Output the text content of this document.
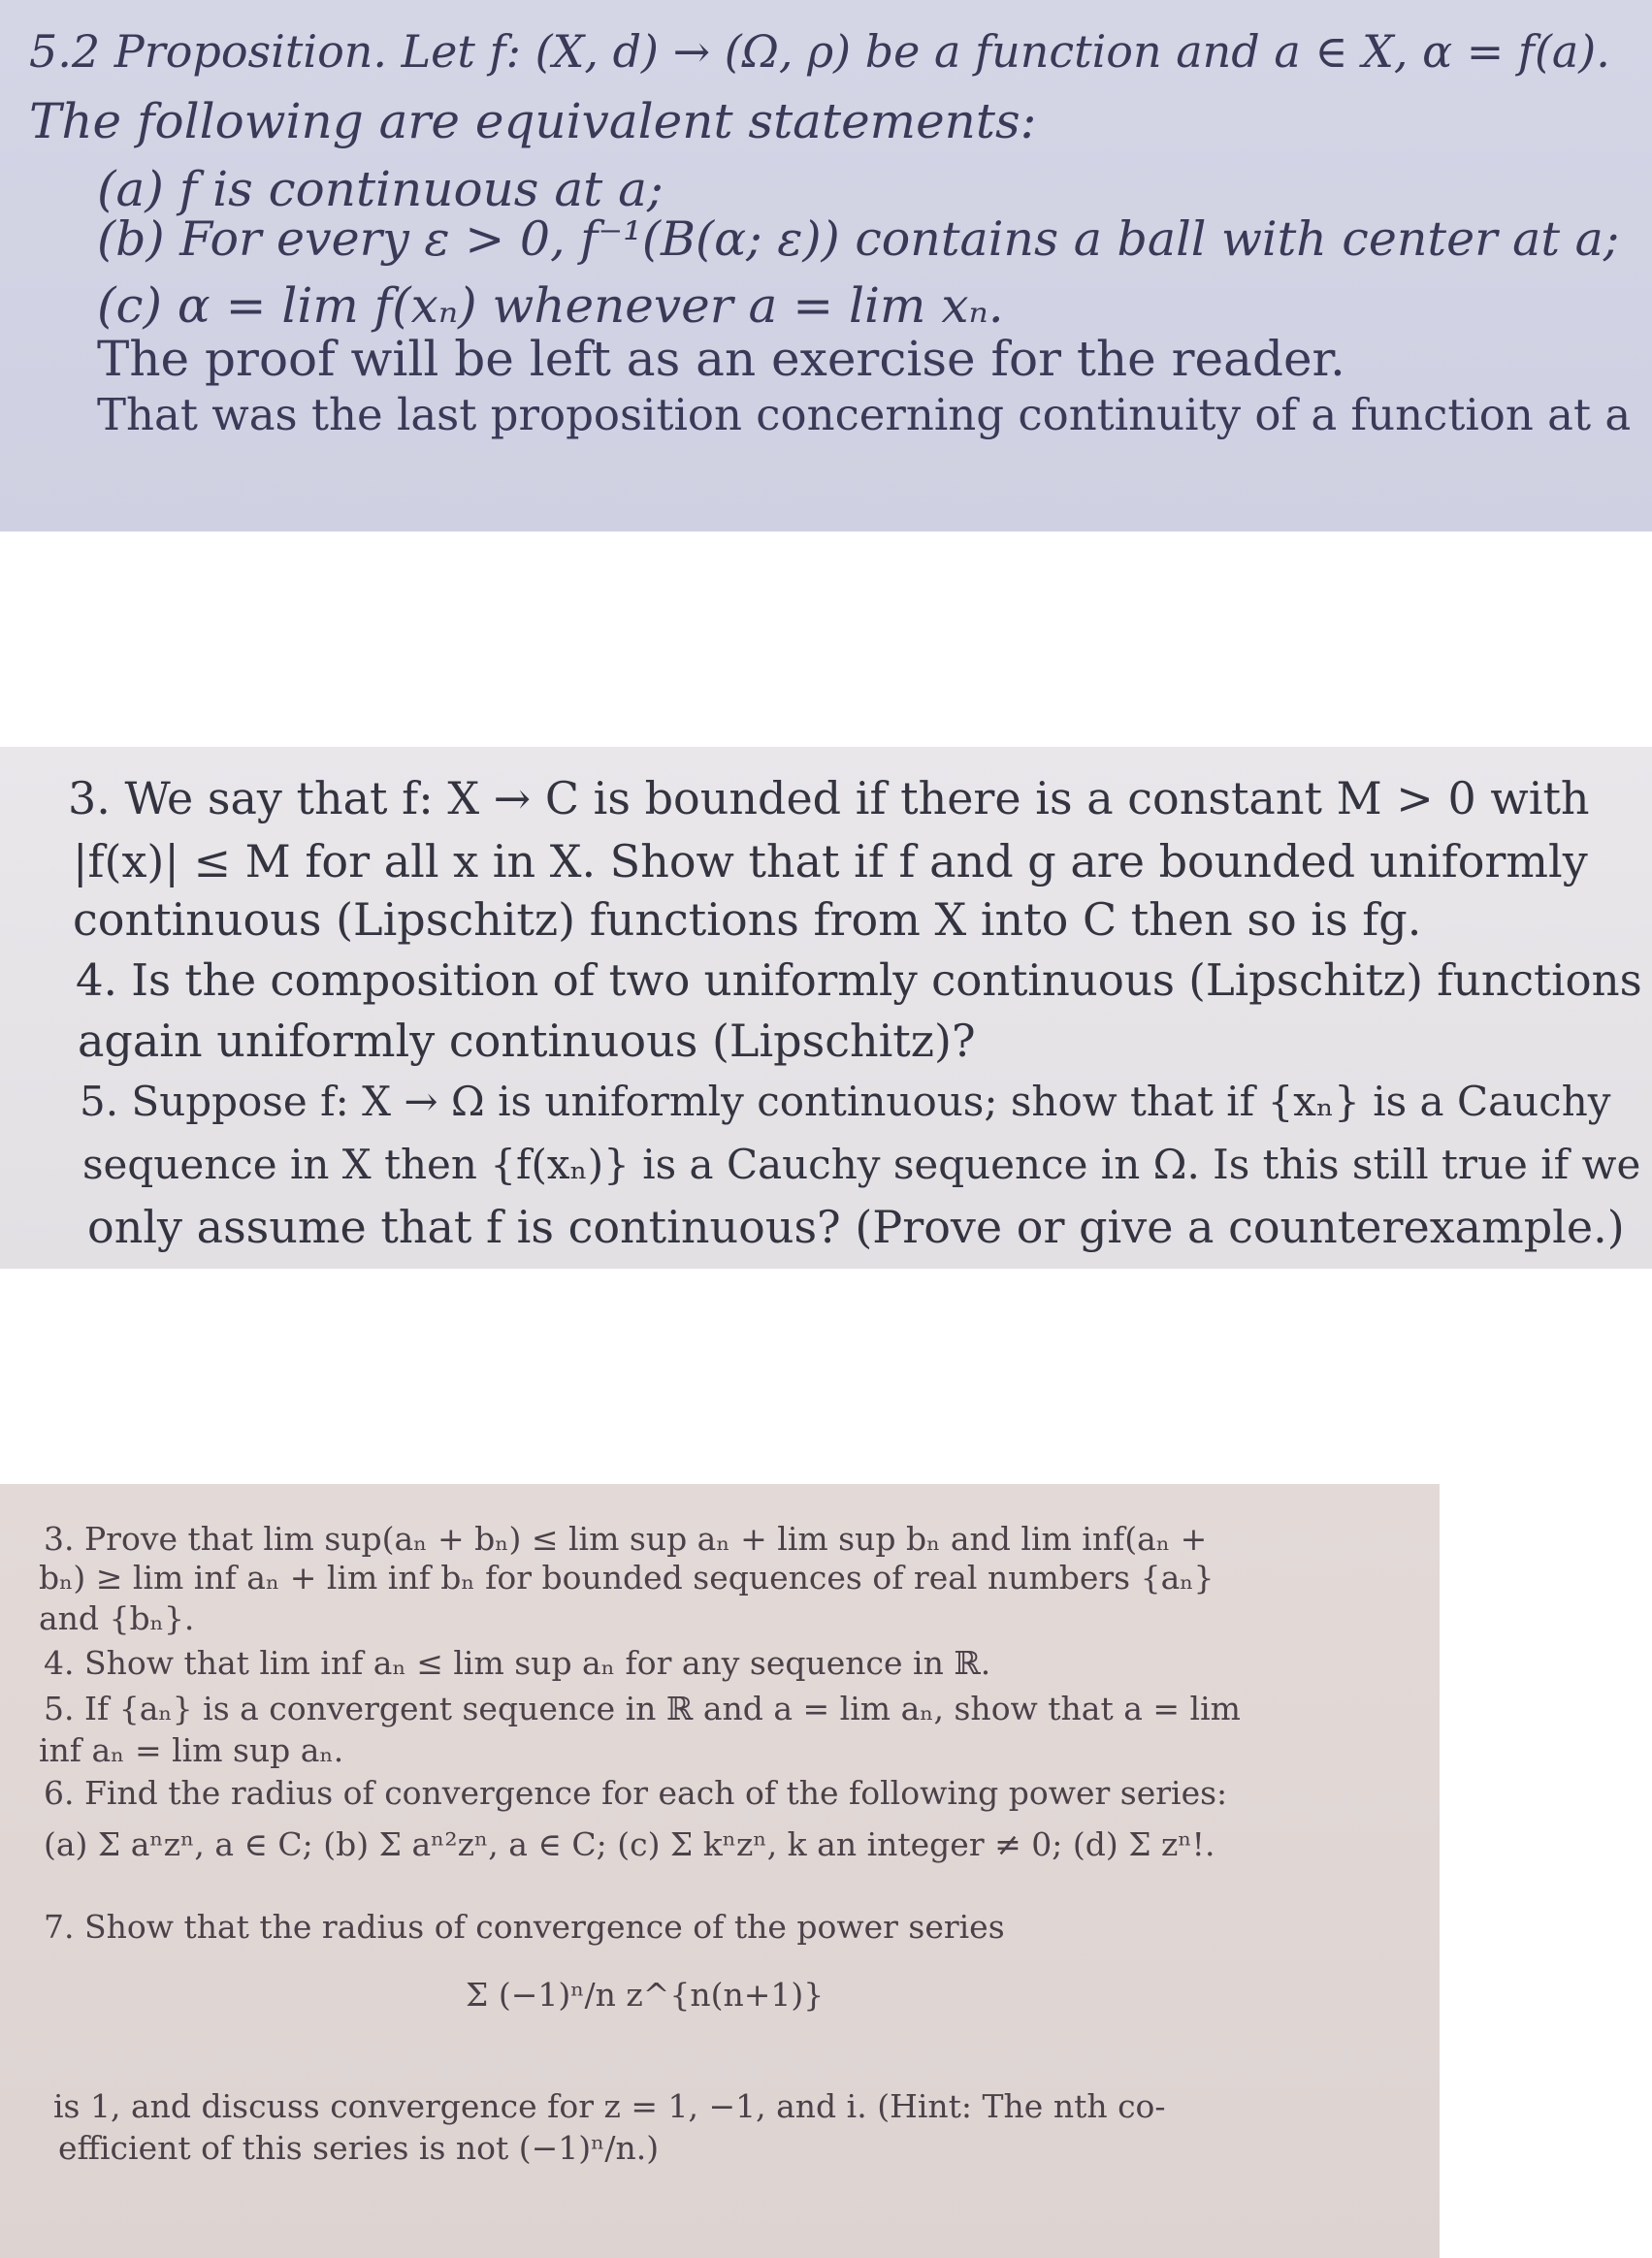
5.2 Proposition. Let f: (X, d) → (Ω, ρ) be a function and a ∈ X, α = f(a).
The following are equivalent statements:
(a) f is continuous at a;
(b) For every ε > 0, f⁻¹(B(α; ε)) contains a ball with center at a;
(c) α = lim f(xₙ) whenever a = lim xₙ.
The proof will be left as an exercise for the reader.
That was the last proposition concerning continuity of a function at a
3. We say that f: X → C is bounded if there is a constant M > 0 with
|f(x)| ≤ M for all x in X. Show that if f and g are bounded uniformly
continuous (Lipschitz) functions from X into C then so is fg.
4. Is the composition of two uniformly continuous (Lipschitz) functions
again uniformly continuous (Lipschitz)?
5. Suppose f: X → Ω is uniformly continuous; show that if {xₙ} is a Cauchy
sequence in X then {f(xₙ)} is a Cauchy sequence in Ω. Is this still true if we
only assume that f is continuous? (Prove or give a counterexample.)
3. Prove that lim sup(aₙ + bₙ) ≤ lim sup aₙ + lim sup bₙ and lim inf(aₙ +
bₙ) ≥ lim inf aₙ + lim inf bₙ for bounded sequences of real numbers {aₙ}
and {bₙ}.
4. Show that lim inf aₙ ≤ lim sup aₙ for any sequence in ℝ.
5. If {aₙ} is a convergent sequence in ℝ and a = lim aₙ, show that a = lim
inf aₙ = lim sup aₙ.
6. Find the radius of convergence for each of the following power series:
(a) Σ aⁿzⁿ, a ∈ C; (b) Σ aⁿ²zⁿ, a ∈ C; (c) Σ kⁿzⁿ, k an integer ≠ 0; (d) Σ zⁿ!.
7. Show that the radius of convergence of the power series
Σ (−1)ⁿ/n z^{n(n+1)}
is 1, and discuss convergence for z = 1, −1, and i. (Hint: The nth co-
efficient of this series is not (−1)ⁿ/n.)
